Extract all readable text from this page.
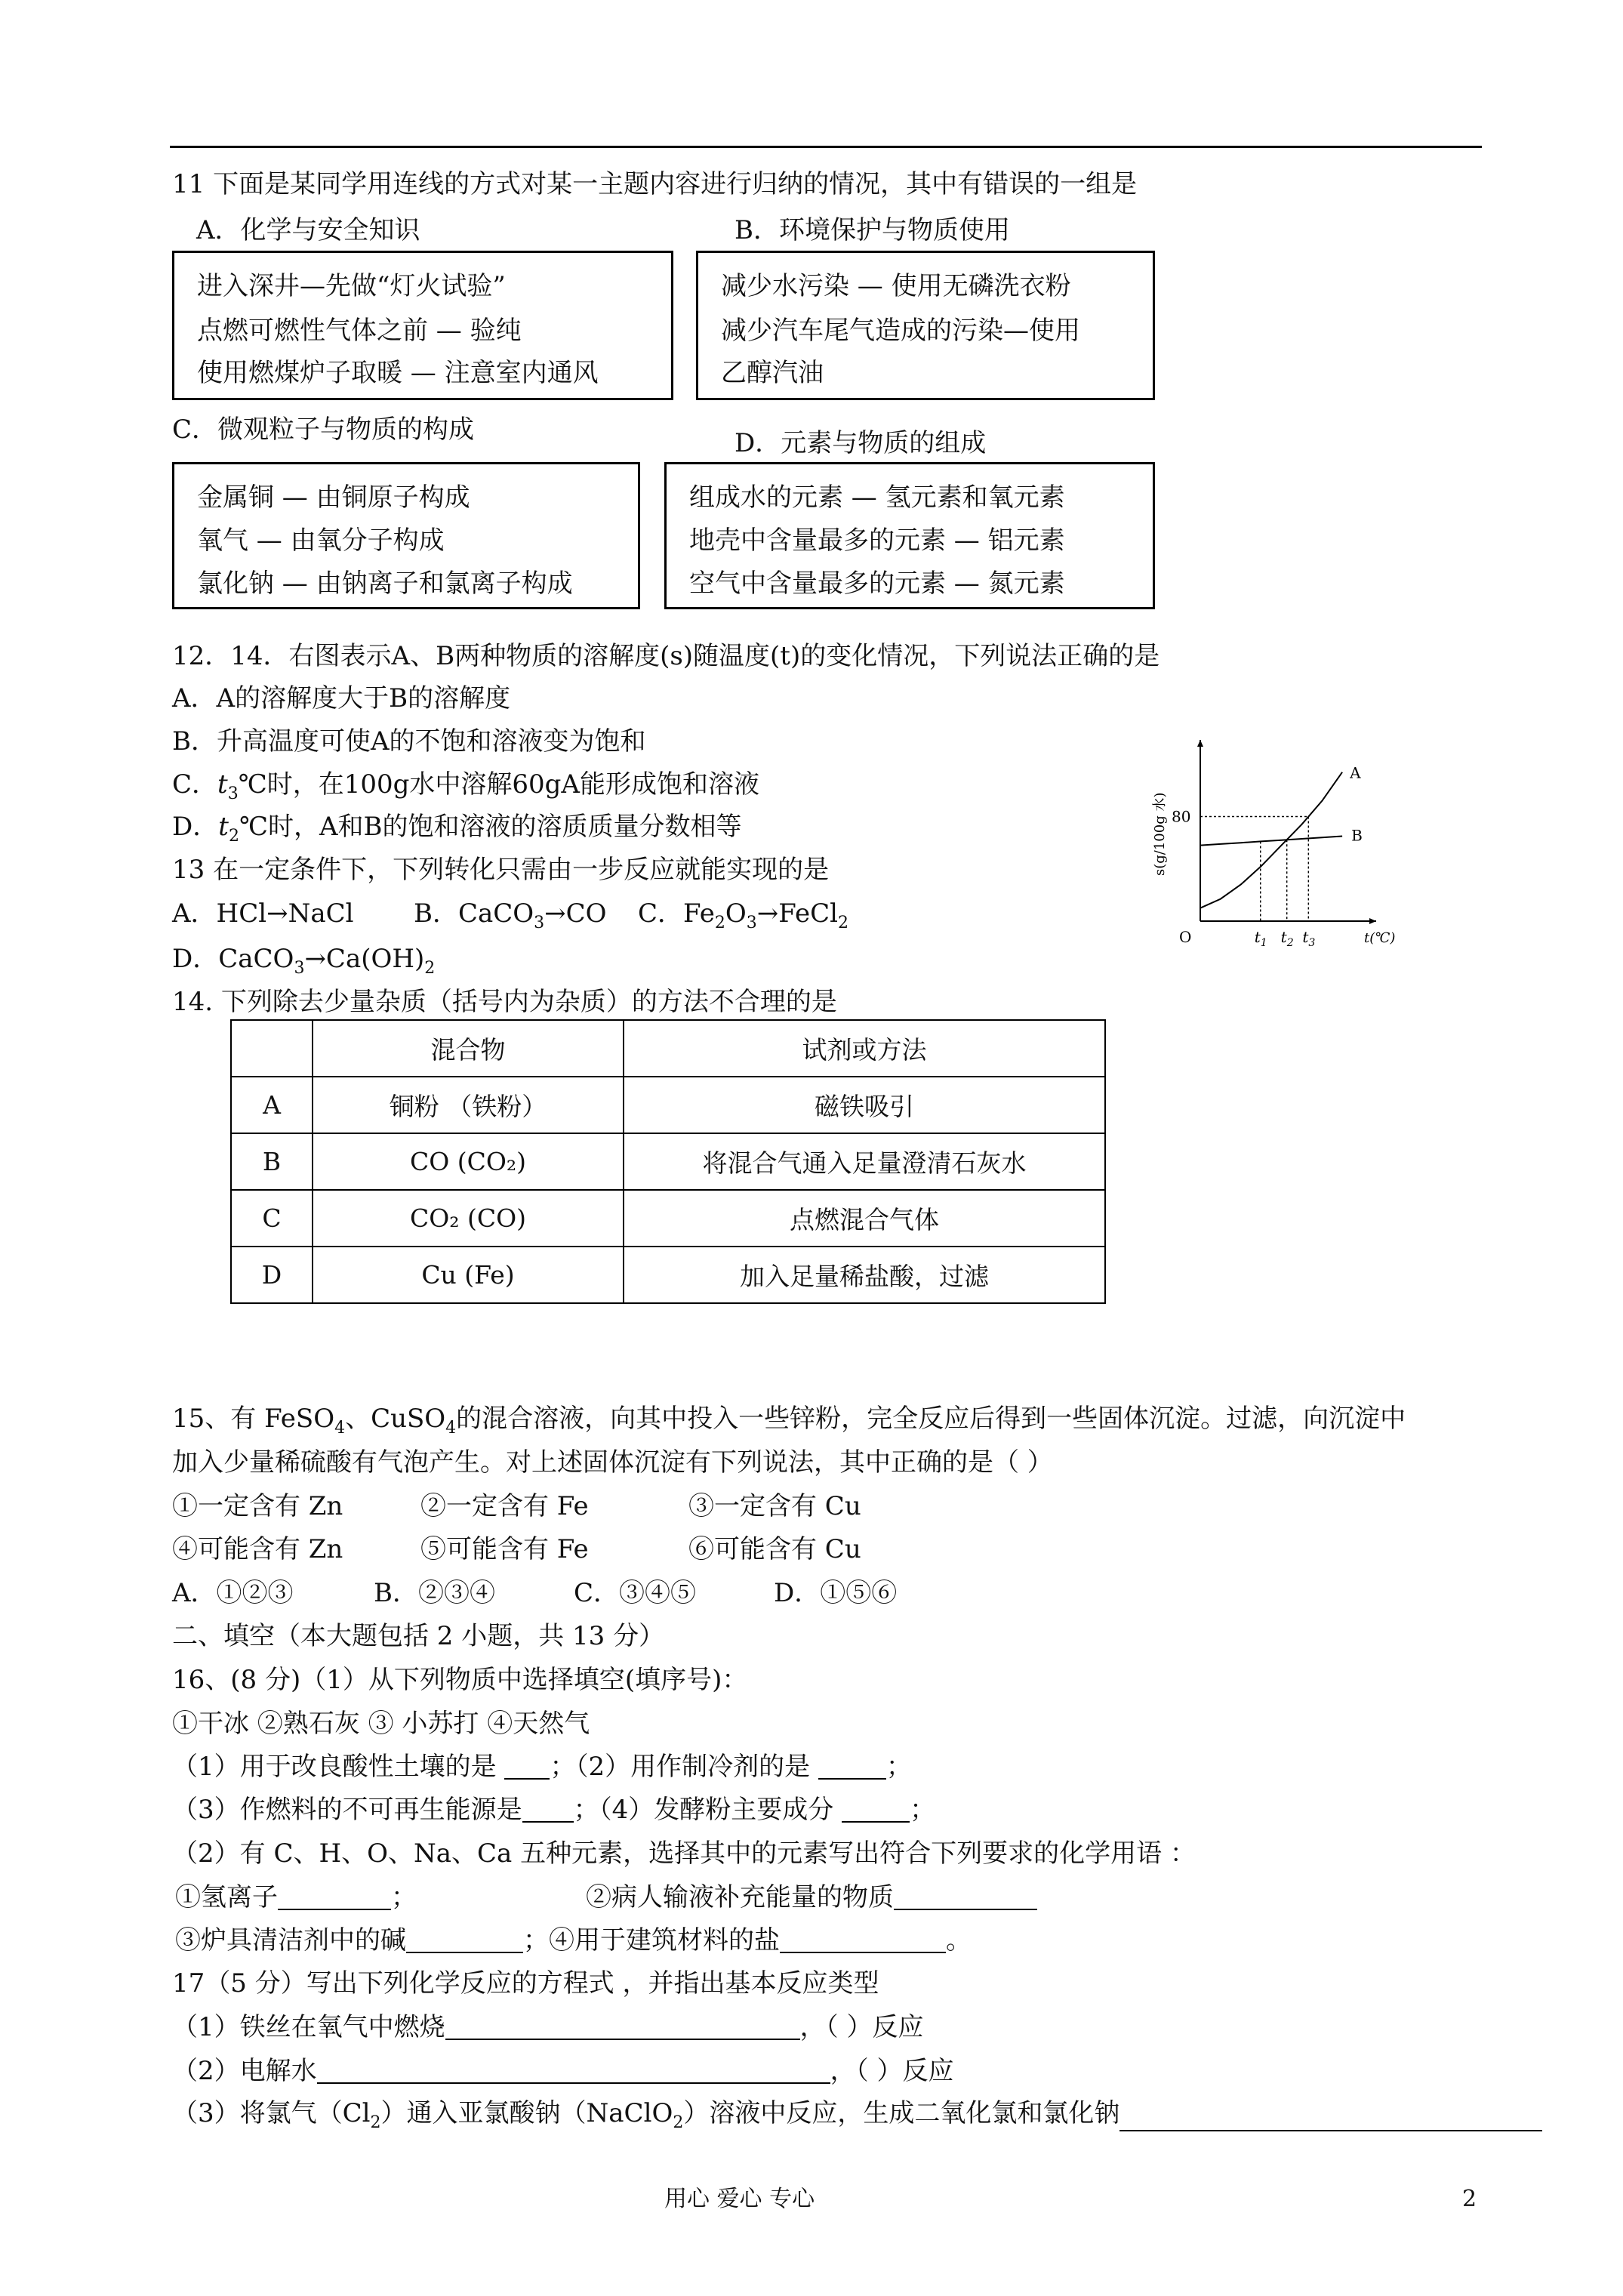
11 下面是某同学用连线的方式对某一主题内容进行归纳的情况，其中有错误的一组是
A．化学与安全知识	B．环境保护与物质使用
进入深井—先做“灯火试验”
点燃可燃性气体之前 — 验纯
使用燃煤炉子取暖 — 注意室内通风
减少水污染 — 使用无磷洗衣粉
减少汽车尾气造成的污染—使用
乙醇汽油
C．微观粒子与物质的构成	D．元素与物质的组成
金属铜 — 由铜原子构成
氧气 — 由氧分子构成
氯化钠 — 由钠离子和氯离子构成
组成水的元素 — 氢元素和氧元素
地壳中含量最多的元素 — 铝元素
空气中含量最多的元素 — 氮元素
12．14．右图表示A、B两种物质的溶解度(s)随温度(t)的变化情况，下列说法正确的是
A．A的溶解度大于B的溶解度
B．升高温度可使A的不饱和溶液变为饱和
C．$t_3℃$时，在100g水中溶解60gA能形成饱和溶液
D．$t_2℃$时，A和B的饱和溶液的溶质质量分数相等
A
B
80
O	$t_1$ $t_2$ $t_3$	t(℃)
s(g/100g 水)
13 在一定条件下，下列转化只需由一步反应就能实现的是
A．HCl→NaCl B．CaCO$_3$→CO C．$Fe_2O_3\to FeCl_2$
D．$CaCO_3\to Ca(OH)_2$
14. 下列除去少量杂质（括号内为杂质）的方法不合理的是
	混合物	试剂或方法
A	铜粉 （铁粉）	磁铁吸引
B	CO (CO₂)	将混合气通入足量澄清石灰水
C	CO₂ (CO)	点燃混合气体
D	Cu (Fe)	加入足量稀盐酸，过滤
15、有 FeSO$_4$、CuSO$_4$的混合溶液，向其中投入一些锌粉，完全反应后得到一些固体沉淀。过滤，向沉淀中
加入少量稀硫酸有气泡产生。对上述固体沉淀有下列说法，其中正确的是（ ）
①一定含有 Zn	②一定含有 Fe	③一定含有 Cu
④可能含有 Zn	⑤可能含有 Fe	⑥可能含有 Cu
A．①②③	B．②③④	C．③④⑤	D．①⑤⑥
二、填空（本大题包括 2 小题，共 13 分）
16、(8 分)（1）从下列物质中选择填空(填序号)：
①干冰 ②熟石灰 ③ 小苏打 ④天然气
（1）用于改良酸性土壤的是 ；（2）用作制冷剂的是	；
（3）作燃料的不可再生能源是 ；（4）发酵粉主要成分	；
（2）有 C、H、O、Na、Ca 五种元素，选择其中的元素写出符合下列要求的化学用语 ：
①氢离子	；	②病人输液补充能量的物质
③炉具清洁剂中的碱	；④用于建筑材料的盐	。
17（5 分）写出下列化学反应的方程式 ，并指出基本反应类型
（1）铁丝在氧气中燃烧	，（ ）反应
（2）电解水	，（ ）反应
（3）将氯气$(Cl_2)$通入亚氯酸钠（NaClO$_2$）溶液中反应，生成二氧化氯和氯化钠
用心 爱心 专心	2
